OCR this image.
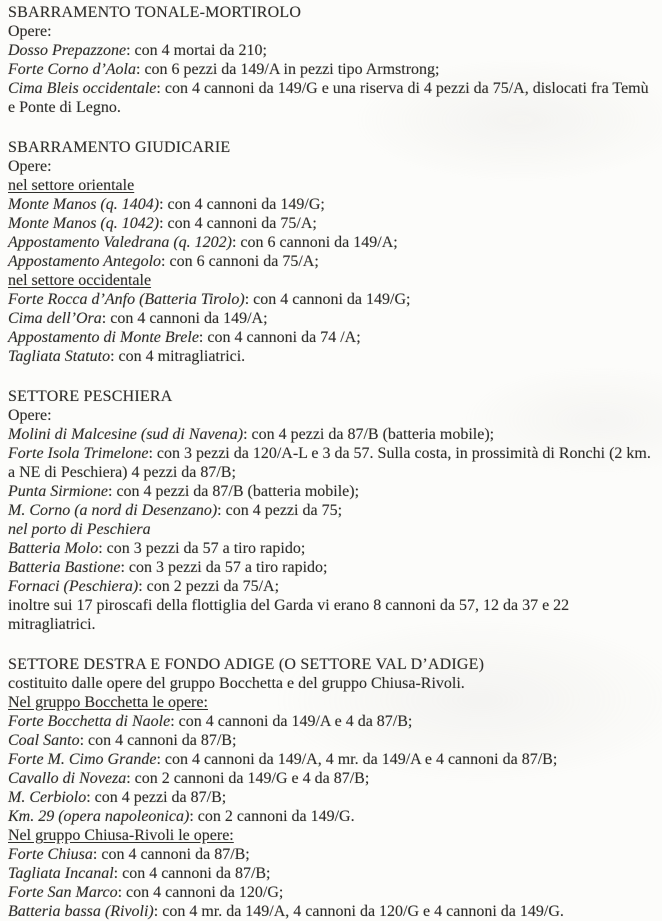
SBARRAMENTO TONALE-MORTIROLO
Opere:
Dosso Prepazzone: con 4 mortai da 210;
Forte Corno d’Aola: con 6 pezzi da 149/A in pezzi tipo Armstrong;
Cima Bleis occidentale: con 4 cannoni da 149/G e una riserva di 4 pezzi da 75/A, dislocati fra Temù e Ponte di Legno.
SBARRAMENTO GIUDICARIE
Opere:
nel settore orientale
Monte Manos (q. 1404): con 4 cannoni da 149/G;
Monte Manos (q. 1042): con 4 cannoni da 75/A;
Appostamento Valedrana (q. 1202): con 6 cannoni da 149/A;
Appostamento Antegolo: con 6 cannoni da 75/A;
nel settore occidentale
Forte Rocca d’Anfo (Batteria Tirolo): con 4 cannoni da 149/G;
Cima dell’Ora: con 4 cannoni da 149/A;
Appostamento di Monte Brele: con 4 cannoni da 74 /A;
Tagliata Statuto: con 4 mitragliatrici.
SETTORE PESCHIERA
Opere:
Molini di Malcesine (sud di Navena): con 4 pezzi da 87/B (batteria mobile);
Forte Isola Trimelone: con 3 pezzi da 120/A-L e 3 da 57. Sulla costa, in prossimità di Ronchi (2 km. a NE di Peschiera) 4 pezzi da 87/B;
Punta Sirmione: con 4 pezzi da 87/B (batteria mobile);
M. Corno (a nord di Desenzano): con 4 pezzi da 75;
nel porto di Peschiera
Batteria Molo: con 3 pezzi da 57 a tiro rapido;
Batteria Bastione: con 3 pezzi da 57 a tiro rapido;
Fornaci (Peschiera): con 2 pezzi da 75/A;
inoltre sui 17 piroscafi della flottiglia del Garda vi erano 8 cannoni da 57, 12 da 37 e 22 mitragliatrici.
SETTORE DESTRA E FONDO ADIGE (O SETTORE VAL D’ADIGE)
costituito dalle opere del gruppo Bocchetta e del gruppo Chiusa-Rivoli.
Nel gruppo Bocchetta le opere:
Forte Bocchetta di Naole: con 4 cannoni da 149/A e 4 da 87/B;
Coal Santo: con 4 cannoni da 87/B;
Forte M. Cimo Grande: con 4 cannoni da 149/A, 4 mr. da 149/A e 4 cannoni da 87/B;
Cavallo di Noveza: con 2 cannoni da 149/G e 4 da 87/B;
M. Cerbiolo: con 4 pezzi da 87/B;
Km. 29 (opera napoleonica): con 2 cannoni da 149/G.
Nel gruppo Chiusa-Rivoli le opere:
Forte Chiusa: con 4 cannoni da 87/B;
Tagliata Incanal: con 4 cannoni da 87/B;
Forte San Marco: con 4 cannoni da 120/G;
Batteria bassa (Rivoli): con 4 mr. da 149/A, 4 cannoni da 120/G e 4 cannoni da 149/G.
